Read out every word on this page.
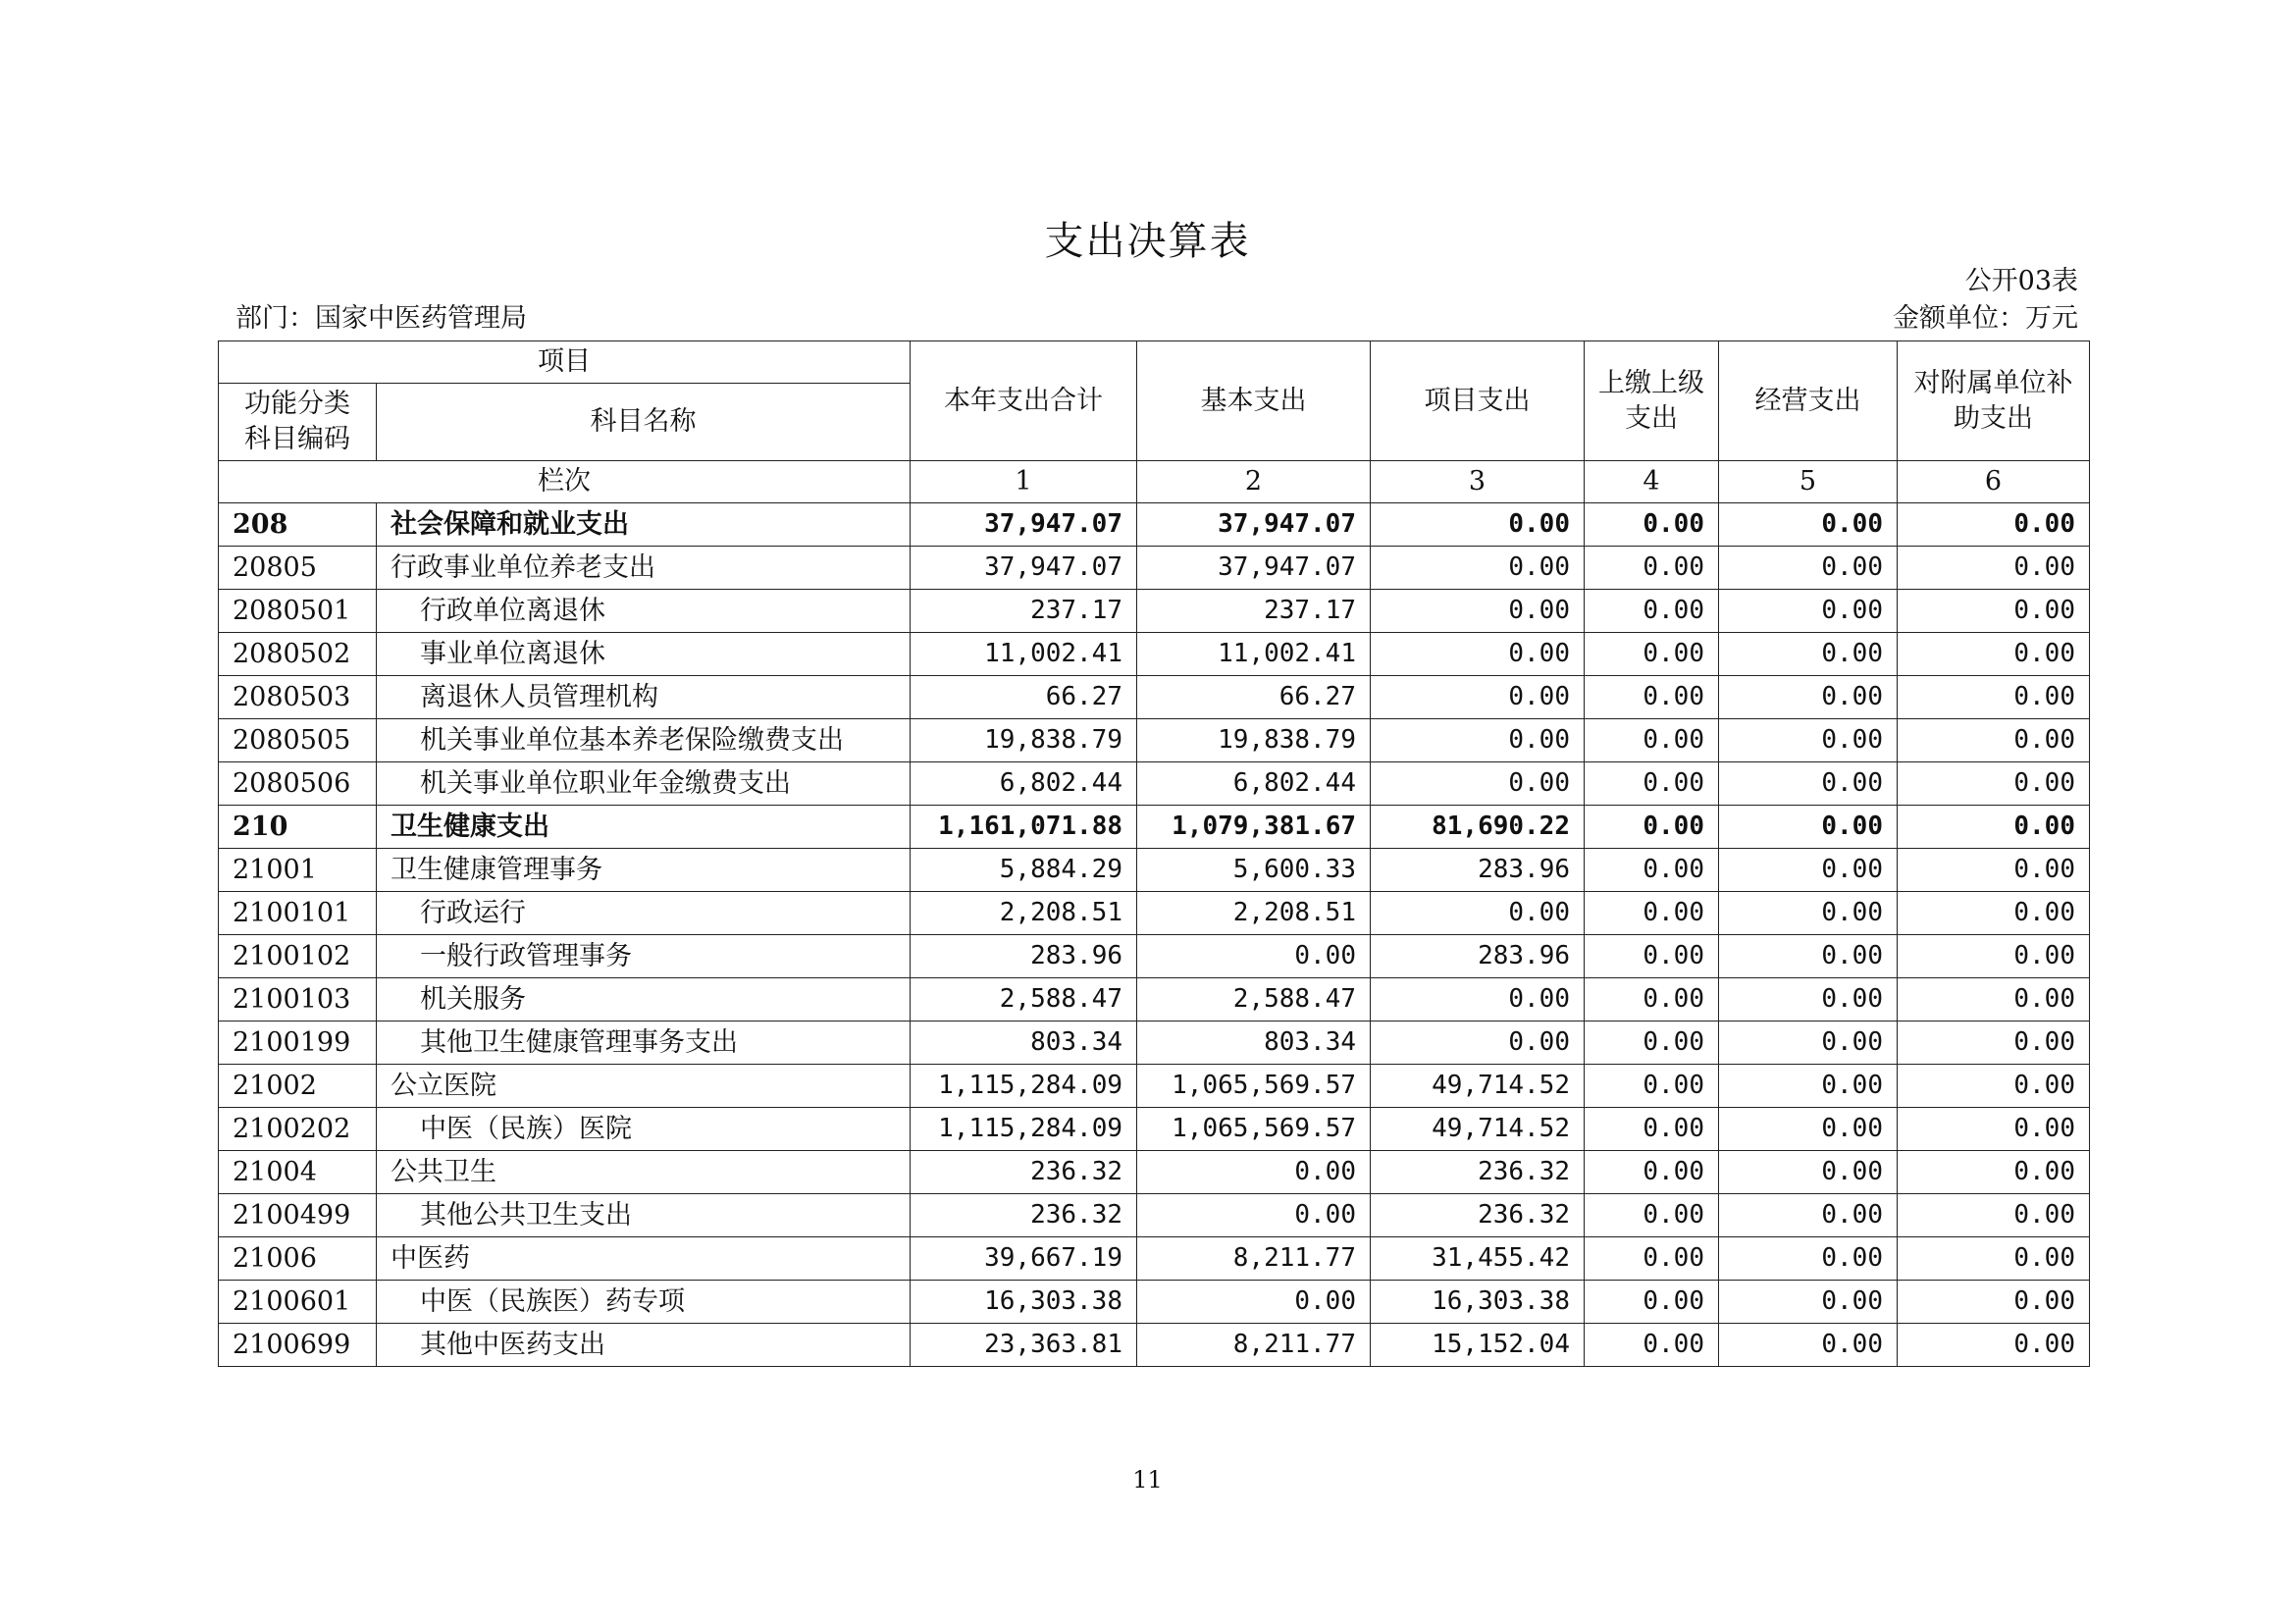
支出决算表
公开03表
部门：国家中医药管理局	金额单位：万元
项目		本年支出合计	基本支出	项目支出	上缴上级支出	经营支出	对附属单位补助支出
功能分类科目编码	科目名称						
栏次		1	2	3	4	5	6
208	社会保障和就业支出	37,947.07	37,947.07	0.00	0.00	0.00	0.00
20805	行政事业单位养老支出	37,947.07	37,947.07	0.00	0.00	0.00	0.00
2080501	行政单位离退休	237.17	237.17	0.00	0.00	0.00	0.00
2080502	事业单位离退休	11,002.41	11,002.41	0.00	0.00	0.00	0.00
2080503	离退休人员管理机构	66.27	66.27	0.00	0.00	0.00	0.00
2080505	机关事业单位基本养老保险缴费支出	19,838.79	19,838.79	0.00	0.00	0.00	0.00
2080506	机关事业单位职业年金缴费支出	6,802.44	6,802.44	0.00	0.00	0.00	0.00
210	卫生健康支出	1,161,071.88	1,079,381.67	81,690.22	0.00	0.00	0.00
21001	卫生健康管理事务	5,884.29	5,600.33	283.96	0.00	0.00	0.00
2100101	行政运行	2,208.51	2,208.51	0.00	0.00	0.00	0.00
2100102	一般行政管理事务	283.96	0.00	283.96	0.00	0.00	0.00
2100103	机关服务	2,588.47	2,588.47	0.00	0.00	0.00	0.00
2100199	其他卫生健康管理事务支出	803.34	803.34	0.00	0.00	0.00	0.00
21002	公立医院	1,115,284.09	1,065,569.57	49,714.52	0.00	0.00	0.00
2100202	中医（民族）医院	1,115,284.09	1,065,569.57	49,714.52	0.00	0.00	0.00
21004	公共卫生	236.32	0.00	236.32	0.00	0.00	0.00
2100499	其他公共卫生支出	236.32	0.00	236.32	0.00	0.00	0.00
21006	中医药	39,667.19	8,211.77	31,455.42	0.00	0.00	0.00
2100601	中医（民族医）药专项	16,303.38	0.00	16,303.38	0.00	0.00	0.00
2100699	其他中医药支出	23,363.81	8,211.77	15,152.04	0.00	0.00	0.00
11
